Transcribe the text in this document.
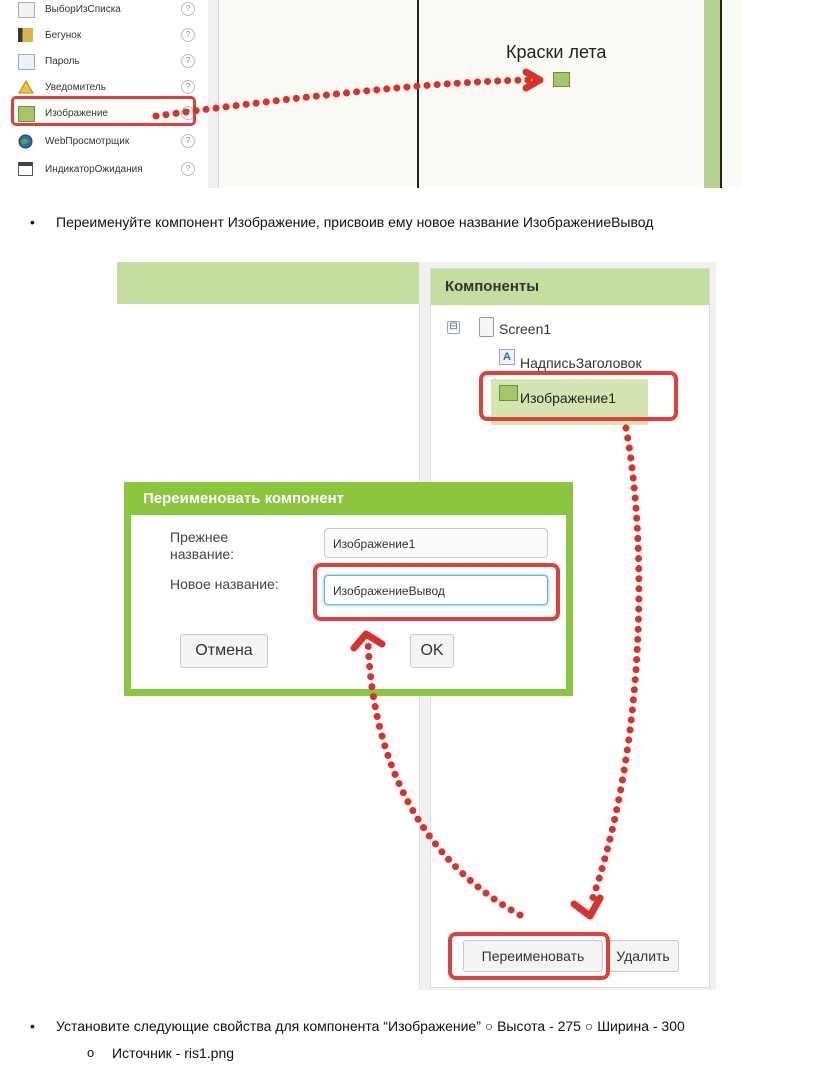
ВыборИзСписка	?
Бегунок	?
Пароль	?
Уведомитель	?
Изображение	?
WebПросмотрщик	?
ИндикаторОжидания	?
Краски лета
• Переименуйте компонент Изображение, присвоив ему новое название ИзображениеВывод
Компоненты
⊟	Screen1
A НадписьЗаголовок
Изображение1
Переименовать	Удалить
Переименовать компонент
Прежнее название:
Изображение1
Новое название:	ИзображениеВывод
Отмена	OK
• Установите следующие свойства для компонента “Изображение” ○ Высота - 275 ○ Ширина - 300
o Источник - ris1.png
